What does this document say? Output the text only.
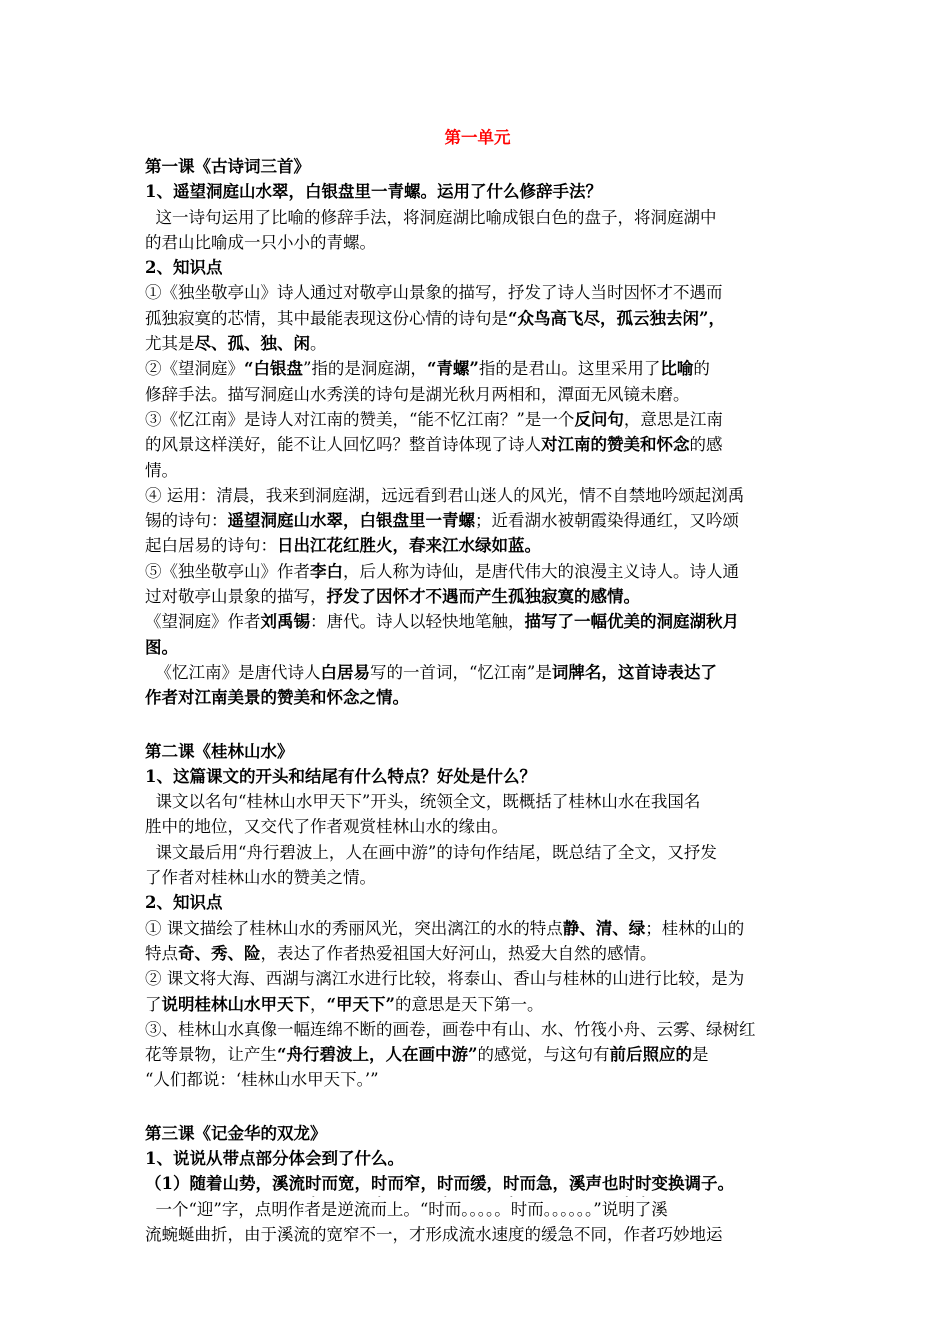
第一单元
第一课《古诗词三首》
1、遥望洞庭山水翠，白银盘里一青螺。运用了什么修辞手法？
这一诗句运用了比喻的修辞手法，将洞庭湖比喻成银白色的盘子，将洞庭湖中
的君山比喻成一只小小的青螺。
2、知识点
①《独坐敬亭山》诗人通过对敬亭山景象的描写，抒发了诗人当时因怀才不遇而
孤独寂寞的芯情，其中最能表现这份心情的诗句是“众鸟高飞尽，孤云独去闲”，
尤其是尽、孤、独、闲。
②《望洞庭》“白银盘”指的是洞庭湖，“青螺”指的是君山。这里采用了比喻的
修辞手法。描写洞庭山水秀渼的诗句是湖光秋月两相和，潭面无风镜未磨。
③《忆江南》是诗人对江南的赞美，“能不忆江南？”是一个反问句，意思是江南
的风景这样渼好，能不让人回忆吗？整首诗体现了诗人对江南的赞美和怀念的感
情。
④ 运用：清晨，我来到洞庭湖，远远看到君山迷人的风光，情不自禁地吟颂起浏禹
锡的诗句：遥望洞庭山水翠，白银盘里一青螺；近看湖水被朝霞染得通红，又吟颂
起白居易的诗句：日出江花红胜火，春来江水绿如蓝。
⑤《独坐敬亭山》作者李白，后人称为诗仙，是唐代伟大的浪漫主义诗人。诗人通
过对敬亭山景象的描写，抒发了因怀才不遇而产生孤独寂寞的感情。
《望洞庭》作者刘禹锡：唐代。诗人以轻快地笔触，描写了一幅优美的洞庭湖秋月
图。
《忆江南》是唐代诗人白居易写的一首词，“忆江南”是词牌名，这首诗表达了
作者对江南美景的赞美和怀念之情。
第二课《桂林山水》
1、这篇课文的开头和结尾有什么特点？好处是什么？
课文以名句“桂林山水甲天下”开头，统领全文，既概括了桂林山水在我国名
胜中的地位，又交代了作者观赏桂林山水的缘由。
课文最后用“舟行碧波上，人在画中游”的诗句作结尾，既总结了全文，又抒发
了作者对桂林山水的赞美之情。
2、知识点
① 课文描绘了桂林山水的秀丽风光，突出漓江的水的特点静、清、绿；桂林的山的
特点奇、秀、险，表达了作者热爱祖国大好河山，热爱大自然的感情。
② 课文将大海、西湖与漓江水进行比较，将泰山、香山与桂林的山进行比较，是为
了说明桂林山水甲天下，“甲天下”的意思是天下第一。
③、桂林山水真像一幅连绵不断的画卷，画卷中有山、水、竹筏小舟、云雾、绿树红
花等景物，让产生“舟行碧波上，人在画中游”的感觉，与这句有前后照应的是
“人们都说：‘桂林山水甲天下。’”
第三课《记金华的双龙》
1、说说从带点部分体会到了什么。
（1）随着山势，溪流时而宽，时而窄，时而缓，时而急，溪声也时时变换调子。
一个“迎”字，点明作者是逆流而上。“时而。。。。。时而。。。。。。”说明了溪
流蜿蜒曲折，由于溪流的宽窄不一，才形成流水速度的缓急不同，作者巧妙地运
